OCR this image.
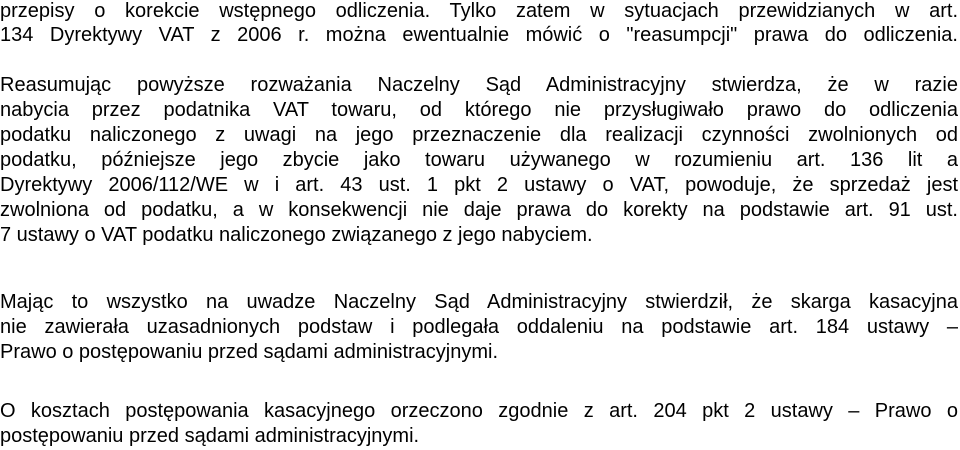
przepisy o korekcie wstępnego odliczenia. Tylko zatem w sytuacjach przewidzianych w art.
134 Dyrektywy VAT z 2006 r. można ewentualnie mówić o "reasumpcji" prawa do odliczenia.
Reasumując powyższe rozważania Naczelny Sąd Administracyjny stwierdza, że w razie
nabycia przez podatnika VAT towaru, od którego nie przysługiwało prawo do odliczenia
podatku naliczonego z uwagi na jego przeznaczenie dla realizacji czynności zwolnionych od
podatku, późniejsze jego zbycie jako towaru używanego w rozumieniu art. 136 lit a
Dyrektywy 2006/112/WE w i art. 43 ust. 1 pkt 2 ustawy o VAT, powoduje, że sprzedaż jest
zwolniona od podatku, a w konsekwencji nie daje prawa do korekty na podstawie art. 91 ust.
7 ustawy o VAT podatku naliczonego związanego z jego nabyciem.
Mając to wszystko na uwadze Naczelny Sąd Administracyjny stwierdził, że skarga kasacyjna
nie zawierała uzasadnionych podstaw i podlegała oddaleniu na podstawie art. 184 ustawy –
Prawo o postępowaniu przed sądami administracyjnymi.
O kosztach postępowania kasacyjnego orzeczono zgodnie z art. 204 pkt 2 ustawy – Prawo o
postępowaniu przed sądami administracyjnymi.
